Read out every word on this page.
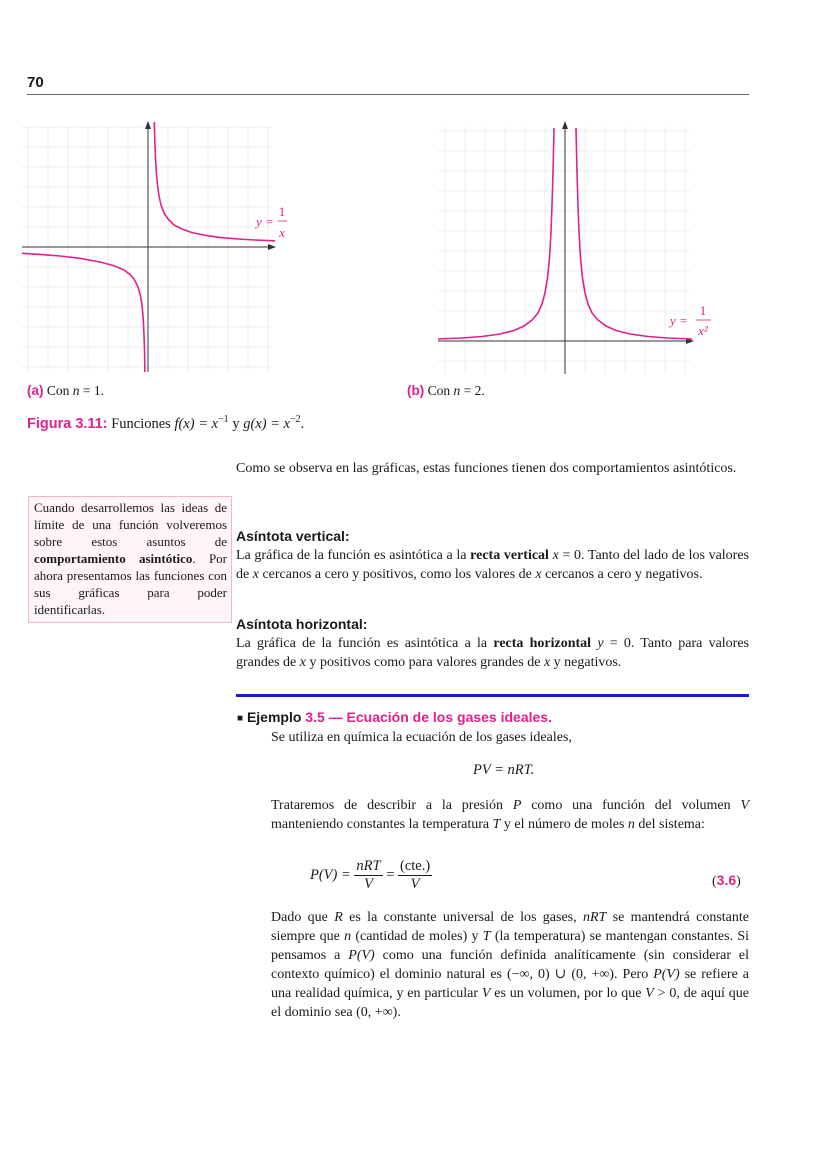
70
y =
1
x
y =
1
x²
(a) Con n = 1.	(b) Con n = 2.
Figura 3.11: Funciones $f(x) = x^{-1}$ y $g(x) = x^{-2}$.
Cuando desarrollemos las ideas de límite de una función volveremos sobre estos asuntos de comportamiento asintótico. Por ahora presentamos las funciones con sus gráficas para poder identificarlas.
Como se observa en las gráficas, estas funciones tienen dos comportamientos asintóticos.
Asíntota vertical:
La gráfica de la función es asintótica a la recta vertical x = 0. Tanto del lado de los valores de x cercanos a cero y positivos, como los valores de x cercanos a cero y negativos.
Asíntota horizontal:
La gráfica de la función es asintótica a la recta horizontal y = 0. Tanto para valores grandes de x y positivos como para valores grandes de x y negativos.
■ Ejemplo 3.5 — Ecuación de los gases ideales.
Se utiliza en química la ecuación de los gases ideales,
PV = nRT.
Trataremos de describir a la presión P como una función del volumen V manteniendo constantes la temperatura T y el número de moles n del sistema:
$P(V) = \frac{\text{nRT}}{V} = \frac{\text{(cte.)}}{V}$	(3.6)
Dado que R es la constante universal de los gases, nRT se mantendrá constante siempre que n (cantidad de moles) y T (la temperatura) se mantengan constantes. Si pensamos a P(V) como una función definida analíticamente (sin considerar el contexto químico) el dominio natural es (−∞, 0) ∪ (0, +∞). Pero P(V) se refiere a una realidad química, y en particular V es un volumen, por lo que V > 0, de aquí que el dominio sea (0, +∞).
